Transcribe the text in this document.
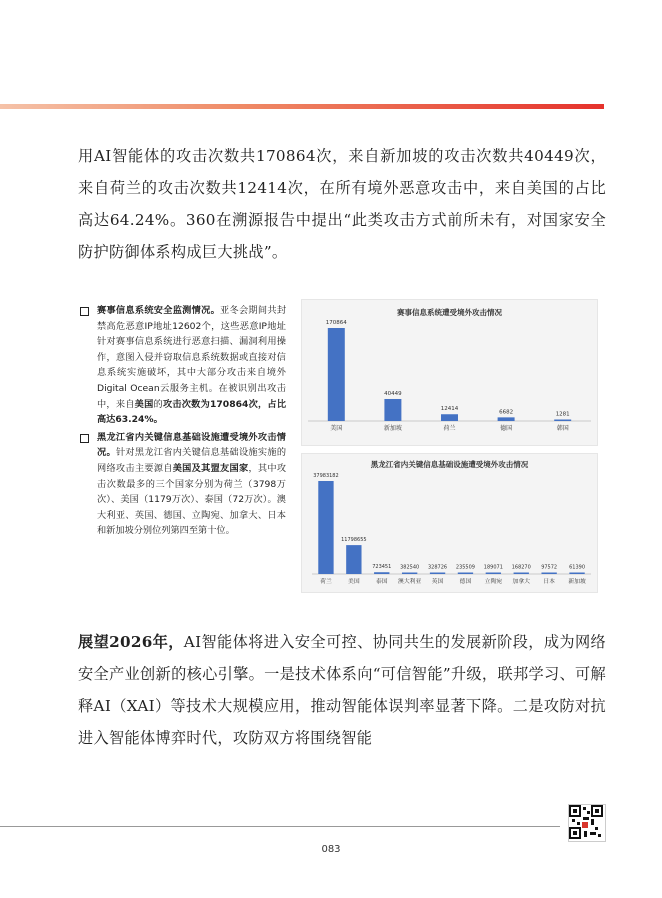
用AI智能体的攻击次数共170864次，来自新加坡的攻击次数共40449次，来自荷兰的攻击次数共12414次，在所有境外恶意攻击中，来自美国的占比高达64.24%。360在溯源报告中提出“此类攻击方式前所未有，对国家安全防护防御体系构成巨大挑战”。

赛事信息系统安全监测情况。亚冬会期间共封禁高危恶意IP地址12602个，这些恶意IP地址针对赛事信息系统进行恶意扫描、漏洞利用操作，意图入侵并窃取信息系统数据或直接对信息系统实施破坏，其中大部分攻击来自境外Digital Ocean云服务主机。在被识别出攻击中，来自美国的攻击次数为170864次，占比高达63.24%。
黑龙江省内关键信息基础设施遭受境外攻击情况。针对黑龙江省内关键信息基础设施实施的网络攻击主要源自美国及其盟友国家，其中攻击次数最多的三个国家分别为荷兰（3798万次）、美国（1179万次）、泰国（72万次）。澳大利亚、英国、德国、立陶宛、加拿大、日本和新加坡分别位列第四至第十位。
赛事信息系统遭受境外攻击情况
170864
美国
40449
新加坡
12414
荷兰
6682
德国
1281
韩国
黑龙江省内关键信息基础设施遭受境外攻击情况
37983182
荷兰
11798655
美国
723451
泰国
382540
澳大利亚
328726
英国
235509
德国
189071
立陶宛
168270
加拿大
97572
日本
61390
新加坡

展望2026年，AI智能体将进入安全可控、协同共生的发展新阶段，成为网络安全产业创新的核心引擎。一是技术体系向“可信智能”升级，联邦学习、可解释AI（XAI）等技术大规模应用，推动智能体误判率显著下降。二是攻防对抗进入智能体博弈时代，攻防双方将围绕智能

083
